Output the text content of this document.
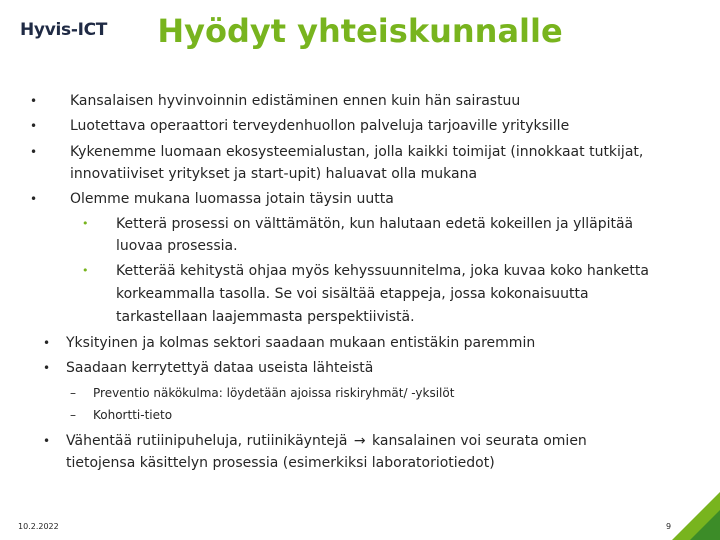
Hyvis-ICT	Hyödyt yhteiskunnalle
• Kansalaisen hyvinvoinnin edistäminen ennen kuin hän sairastuu
• Luotettava operaattori terveydenhuollon palveluja tarjoaville yrityksille
• Kykenemme luomaan ekosysteemialustan, jolla kaikki toimijat (innokkaat tutkijat,
innovatiiviset yritykset ja start-upit) haluavat olla mukana
• Olemme mukana luomassa jotain täysin uutta
• Ketterä prosessi on välttämätön, kun halutaan edetä kokeillen ja ylläpitää
luovaa prosessia.
• Ketterää kehitystä ohjaa myös kehyssuunnitelma, joka kuvaa koko hanketta
korkeammalla tasolla. Se voi sisältää etappeja, jossa kokonaisuutta
tarkastellaan laajemmasta perspektiivistä.
• Yksityinen ja kolmas sektori saadaan mukaan entistäkin paremmin
• Saadaan kerrytettyä dataa useista lähteistä
– Preventio näkökulma: löydetään ajoissa riskiryhmät/ -yksilöt
– Kohortti-tieto
• Vähentää rutiinipuheluja, rutiinikäyntejä → kansalainen voi seurata omien
tietojensa käsittelyn prosessia (esimerkiksi laboratoriotiedot)
10.2.2022	9
